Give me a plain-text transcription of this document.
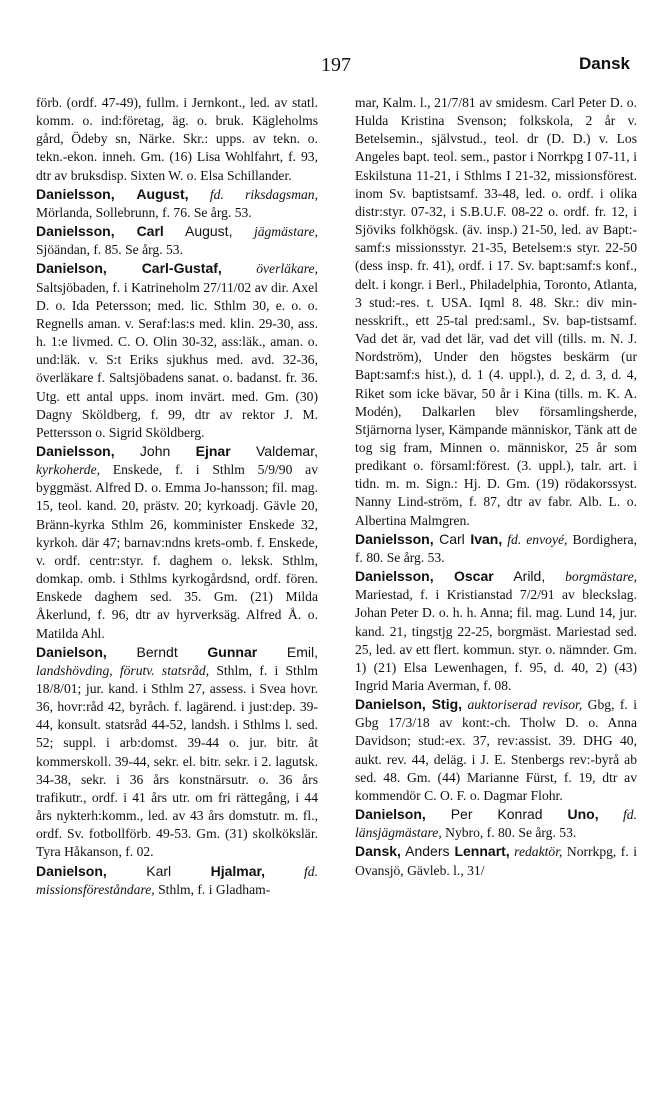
197	Dansk

förb. (ordf. 47-49), fullm. i Jernkont., led. av statl. komm. o. ind:företag, äg. o. bruk. Kägleholms gård, Ödeby sn, Närke. Skr.: upps. av tekn. o. tekn.-ekon. inneh. Gm. (16) Lisa Wohlfahrt, f. 93, dtr av bruksdisp. Sixten W. o. Elsa Schillander.

Danielsson, August, fd. riksdagsman, Mörlanda, Sollebrunn, f. 76. Se årg. 53.

Danielsson, Carl August, jägmästare, Sjöändan, f. 85. Se årg. 53.

Danielson, Carl-Gustaf, överläkare, Saltsjöbaden, f. i Katrineholm 27/11/02 av dir. Axel D. o. Ida Petersson; med. lic. Sthlm 30, e. o. o. Regnells aman. v. Seraf:las:s med. klin. 29-30, ass. h. 1:e livmed. C. O. Olin 30-32, ass:läk., aman. o. und:läk. v. S:t Eriks sjukhus med. avd. 32-36, överläkare f. Saltsjöbadens sanat. o. badanst. fr. 36. Utg. ett antal upps. inom invärt. med. Gm. (30) Dagny Sköldberg, f. 99, dtr av rektor J. M. Pettersson o. Sigrid Sköldberg.

Danielsson, John Ejnar Valdemar, kyrkoherde, Enskede, f. i Sthlm 5/9/90 av byggmäst. Alfred D. o. Emma Jo-hansson; fil. mag. 15, teol. kand. 20, prästv. 20; kyrkoadj. Gävle 20, Bränn-kyrka Sthlm 26, komminister Enskede 32, kyrkoh. där 47; barnav:ndns krets-omb. f. Enskede, v. ordf. centr:styr. f. daghem o. leksk. Sthlm, domkap. omb. i Sthlms kyrkogårdsnd, ordf. fören. Enskede daghem sed. 35. Gm. (21) Milda Åkerlund, f. 96, dtr av hyrverksäg. Alfred Å. o. Matilda Ahl.

Danielson, Berndt Gunnar Emil, landshövding, förutv. statsråd, Sthlm, f. i Sthlm 18/8/01; jur. kand. i Sthlm 27, assess. i Svea hovr. 36, hovr:råd 42, byråch. f. lagärend. i just:dep. 39-44, konsult. statsråd 44-52, landsh. i Sthlms l. sed. 52; suppl. i arb:domst. 39-44 o. jur. bitr. åt kommerskoll. 39-44, sekr. el. bitr. sekr. i 2. lagutsk. 34-38, sekr. i 36 års konstnärsutr. o. 36 års trafikutr., ordf. i 41 års utr. om fri rättegång, i 44 års nykterh:komm., led. av 43 års domstutr. m. fl., ordf. Sv. fotbollförb. 49-53. Gm. (31) skolkökslär. Tyra Håkanson, f. 02.

Danielson, Karl Hjalmar, fd. missionsföreståndare, Sthlm, f. i Gladham-

mar, Kalm. l., 21/7/81 av smidesm. Carl Peter D. o. Hulda Kristina Svenson; folkskola, 2 år v. Betelsemin., självstud., teol. dr (D. D.) v. Los Angeles bapt. teol. sem., pastor i Norrkpg I 07-11, i Eskilstuna 11-21, i Sthlms I 21-32, missionsförest. inom Sv. baptistsamf. 33-48, led. o. ordf. i olika distr:styr. 07-32, i S.B.U.F. 08-22 o. ordf. fr. 12, i Sjöviks folkhögsk. (äv. insp.) 21-50, led. av Bapt:-samf:s missionsstyr. 21-35, Betelsem:s styr. 22-50 (dess insp. fr. 41), ordf. i 17. Sv. bapt:samf:s konf., delt. i kongr. i Berl., Philadelphia, Toronto, Atlanta, 3 stud:-res. t. USA. Iqml 8. 48. Skr.: div min-nesskrift., ett 25-tal pred:saml., Sv. bap-tistsamf. Vad det är, vad det lär, vad det vill (tills. m. N. J. Nordström), Under den högstes beskärm (ur Bapt:samf:s hist.), d. 1 (4. uppl.), d. 2, d. 3, d. 4, Riket som icke bävar, 50 år i Kina (tills. m. K. A. Modén), Dalkarlen blev församlingsherde, Stjärnorna lyser, Kämpande människor, Tänk att de tog sig fram, Minnen o. människor, 25 år som predikant o. församl:förest. (3. uppl.), talr. art. i tidn. m. m. Sign.: Hj. D. Gm. (19) rödakorssyst. Nanny Lind-ström, f. 87, dtr av fabr. Alb. L. o. Albertina Malmgren.

Danielsson, Carl Ivan, fd. envoyé, Bordighera, f. 80. Se årg. 53.

Danielsson, Oscar Arild, borgmästare, Mariestad, f. i Kristianstad 7/2/91 av bleckslag. Johan Peter D. o. h. h. Anna; fil. mag. Lund 14, jur. kand. 21, tingstjg 22-25, borgmäst. Mariestad sed. 25, led. av ett flert. kommun. styr. o. nämnder. Gm. 1) (21) Elsa Lewenhagen, f. 95, d. 40, 2) (43) Ingrid Maria Averman, f. 08.

Danielson, Stig, auktoriserad revisor, Gbg, f. i Gbg 17/3/18 av kont:-ch. Tholw D. o. Anna Davidson; stud:-ex. 37, rev:assist. 39. DHG 40, aukt. rev. 44, deläg. i J. E. Stenbergs rev:-byrå ab sed. 48. Gm. (44) Marianne Fürst, f. 19, dtr av kommendör C. O. F. o. Dagmar Flohr.

Danielson, Per Konrad Uno, fd. länsjägmästare, Nybro, f. 80. Se årg. 53.

Dansk, Anders Lennart, redaktör, Norrkpg, f. i Ovansjö, Gävleb. l., 31/
